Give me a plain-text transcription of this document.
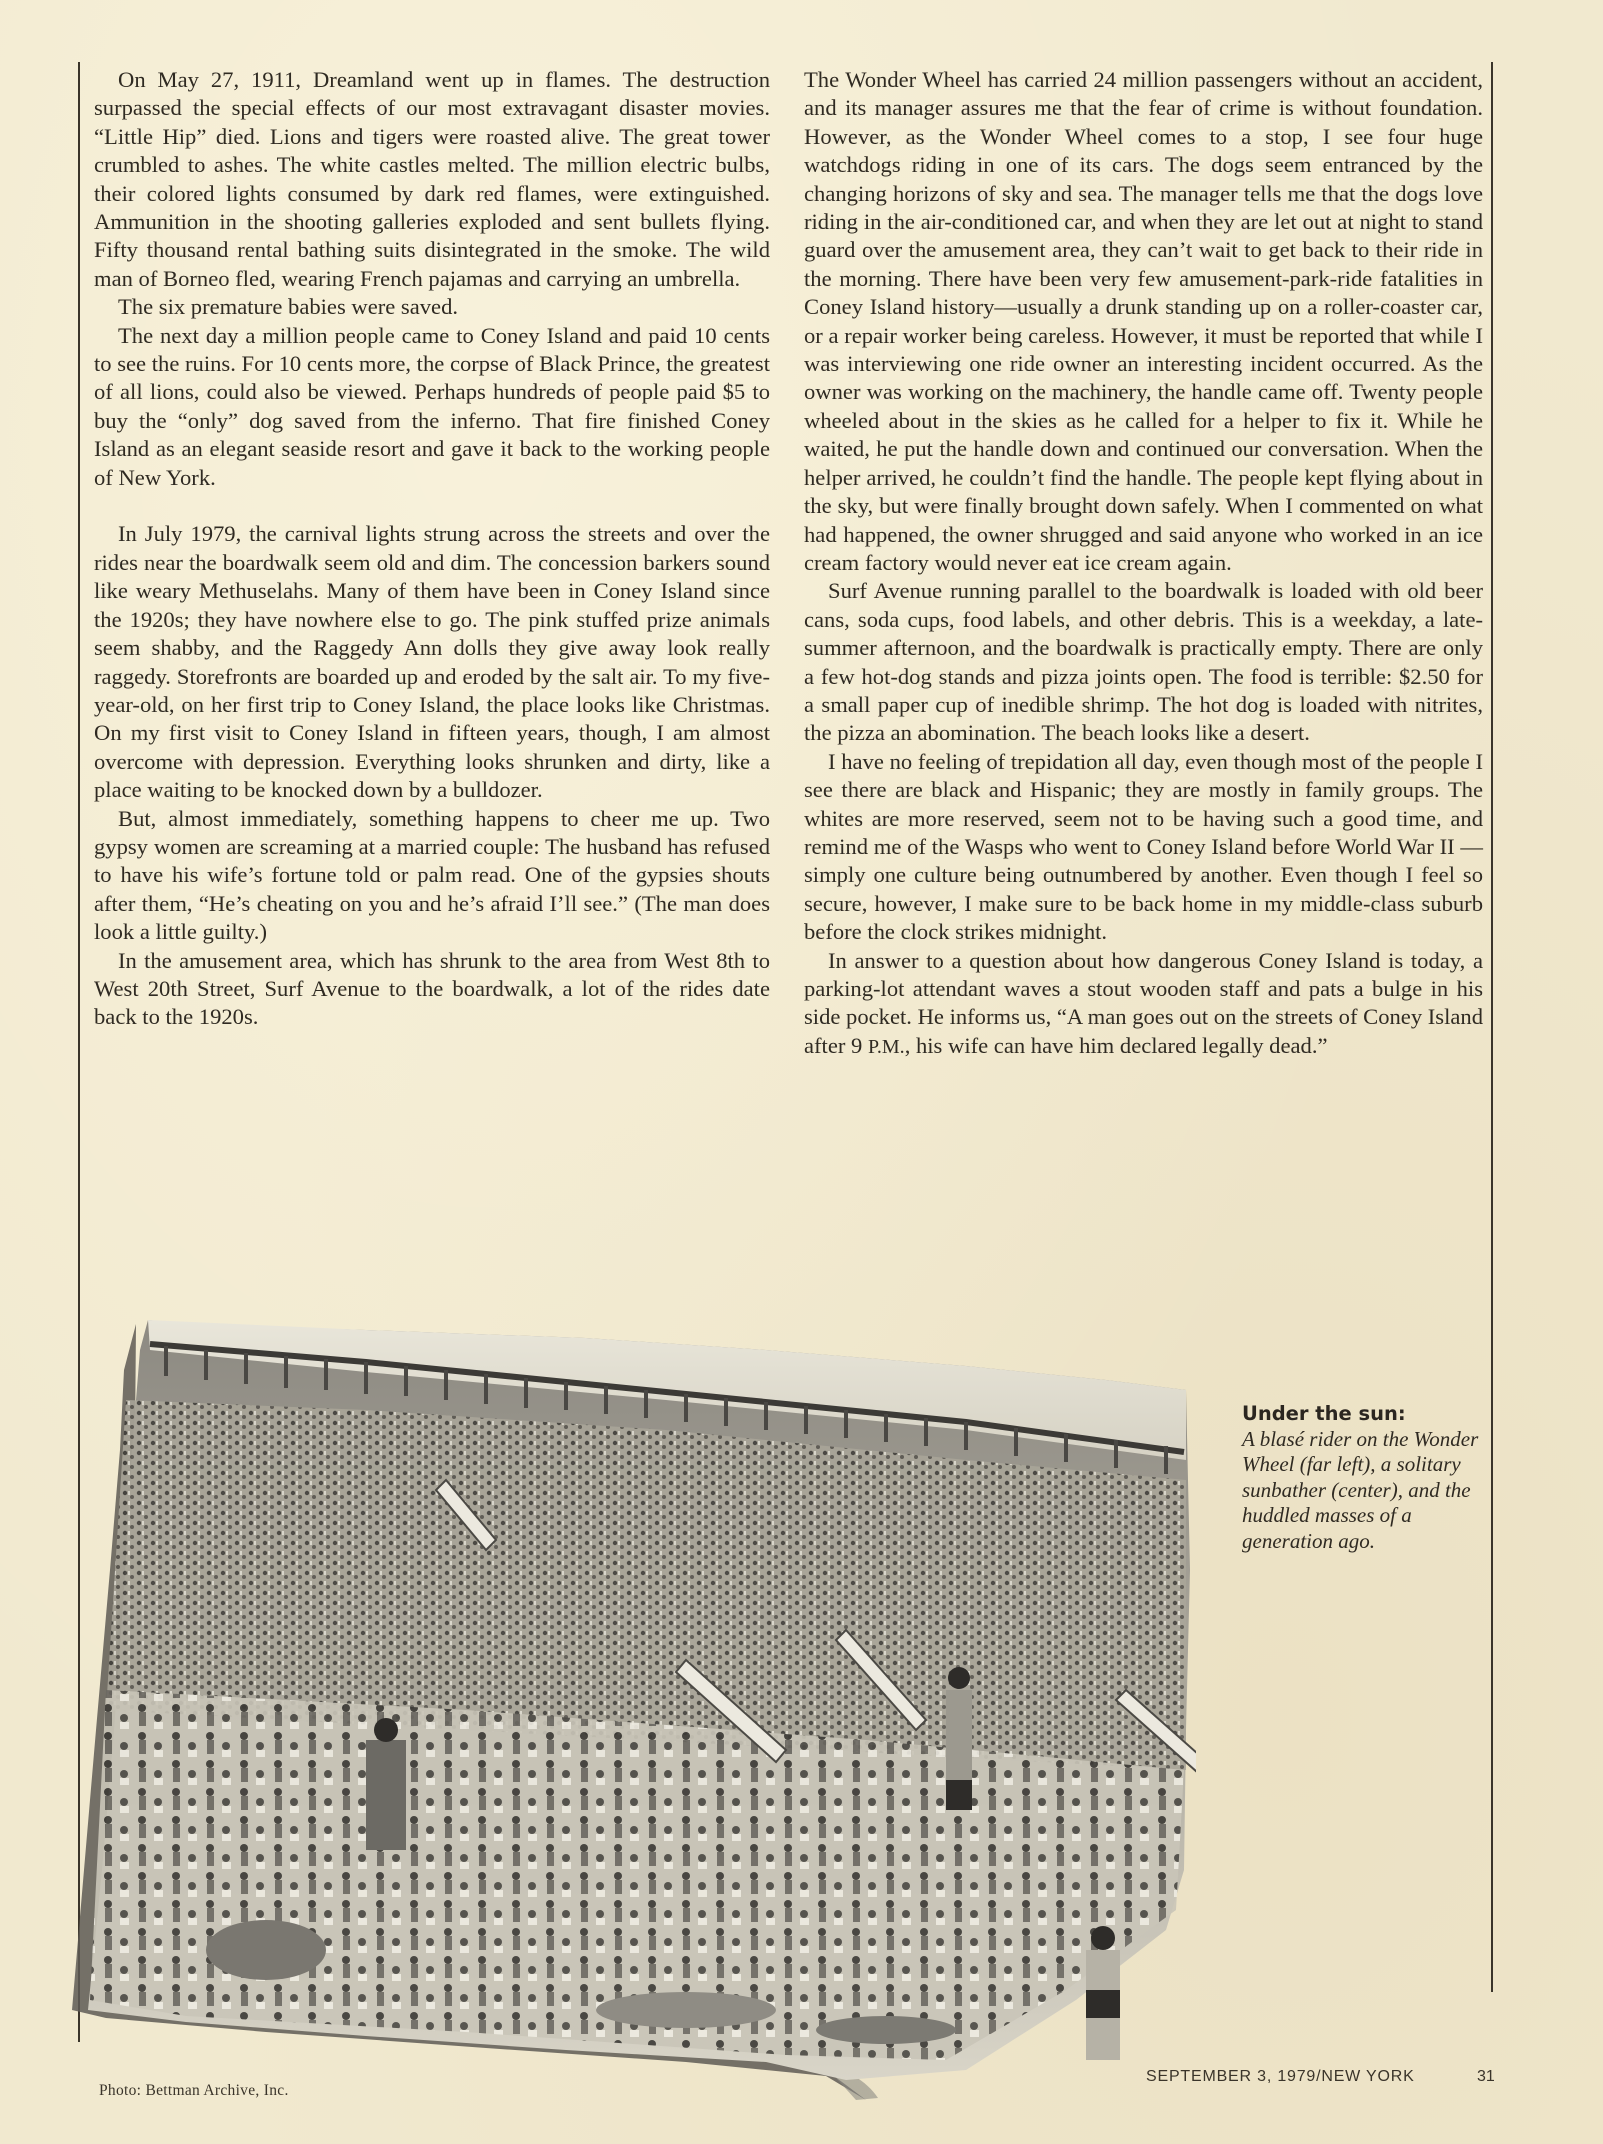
On May 27, 1911, Dreamland went up in flames. The destruction surpassed the special effects of our most extravagant disaster movies. “Little Hip” died. Lions and tigers were roasted alive. The great tower crumbled to ashes. The white castles melted. The million electric bulbs, their colored lights consumed by dark red flames, were extinguished. Ammunition in the shooting galleries exploded and sent bullets flying. Fifty thousand rental bathing suits disintegrated in the smoke. The wild man of Borneo fled, wearing French pajamas and carrying an umbrella.

The six premature babies were saved.

The next day a million people came to Coney Island and paid 10 cents to see the ruins. For 10 cents more, the corpse of Black Prince, the greatest of all lions, could also be viewed. Perhaps hundreds of people paid $5 to buy the “only” dog saved from the inferno. That fire finished Coney Island as an elegant seaside resort and gave it back to the working people of New York.

In July 1979, the carnival lights strung across the streets and over the rides near the boardwalk seem old and dim. The concession barkers sound like weary Methuselahs. Many of them have been in Coney Island since the 1920s; they have nowhere else to go. The pink stuffed prize animals seem shabby, and the Raggedy Ann dolls they give away look really raggedy. Storefronts are boarded up and eroded by the salt air. To my five-year-old, on her first trip to Coney Island, the place looks like Christmas. On my first visit to Coney Island in fifteen years, though, I am almost overcome with depression. Everything looks shrunken and dirty, like a place waiting to be knocked down by a bulldozer.

But, almost immediately, something happens to cheer me up. Two gypsy women are screaming at a married couple: The husband has refused to have his wife’s fortune told or palm read. One of the gypsies shouts after them, “He’s cheating on you and he’s afraid I’ll see.” (The man does look a little guilty.)

In the amusement area, which has shrunk to the area from West 8th to West 20th Street, Surf Avenue to the boardwalk, a lot of the rides date back to the 1920s.

The Wonder Wheel has carried 24 million passengers without an accident, and its manager assures me that the fear of crime is without foundation. However, as the Wonder Wheel comes to a stop, I see four huge watchdogs riding in one of its cars. The dogs seem entranced by the changing horizons of sky and sea. The manager tells me that the dogs love riding in the air-conditioned car, and when they are let out at night to stand guard over the amusement area, they can’t wait to get back to their ride in the morning. There have been very few amusement-park-ride fatalities in Coney Island history—usually a drunk standing up on a roller-coaster car, or a repair worker being careless. However, it must be reported that while I was interviewing one ride owner an interesting incident occurred. As the owner was working on the machinery, the handle came off. Twenty people wheeled about in the skies as he called for a helper to fix it. While he waited, he put the handle down and continued our conversation. When the helper arrived, he couldn’t find the handle. The people kept flying about in the sky, but were finally brought down safely. When I commented on what had happened, the owner shrugged and said anyone who worked in an ice cream factory would never eat ice cream again.

Surf Avenue running parallel to the boardwalk is loaded with old beer cans, soda cups, food labels, and other debris. This is a weekday, a late-summer afternoon, and the boardwalk is practically empty. There are only a few hot-dog stands and pizza joints open. The food is terrible: $2.50 for a small paper cup of inedible shrimp. The hot dog is loaded with nitrites, the pizza an abomination. The beach looks like a desert.

I have no feeling of trepidation all day, even though most of the people I see there are black and Hispanic; they are mostly in family groups. The whites are more reserved, seem not to be having such a good time, and remind me of the Wasps who went to Coney Island before World War II —simply one culture being outnumbered by another. Even though I feel so secure, however, I make sure to be back home in my middle-class suburb before the clock strikes midnight.

In answer to a question about how dangerous Coney Island is today, a parking-lot attendant waves a stout wooden staff and pats a bulge in his side pocket. He informs us, “A man goes out on the streets of Coney Island after 9 P.M., his wife can have him declared legally dead.”

Under the sun:
A blasé rider on the Wonder Wheel (far left), a solitary sunbather (center), and the huddled masses of a generation ago.
Photo: Bettman Archive, Inc.
SEPTEMBER 3, 1979/NEW YORK	31
